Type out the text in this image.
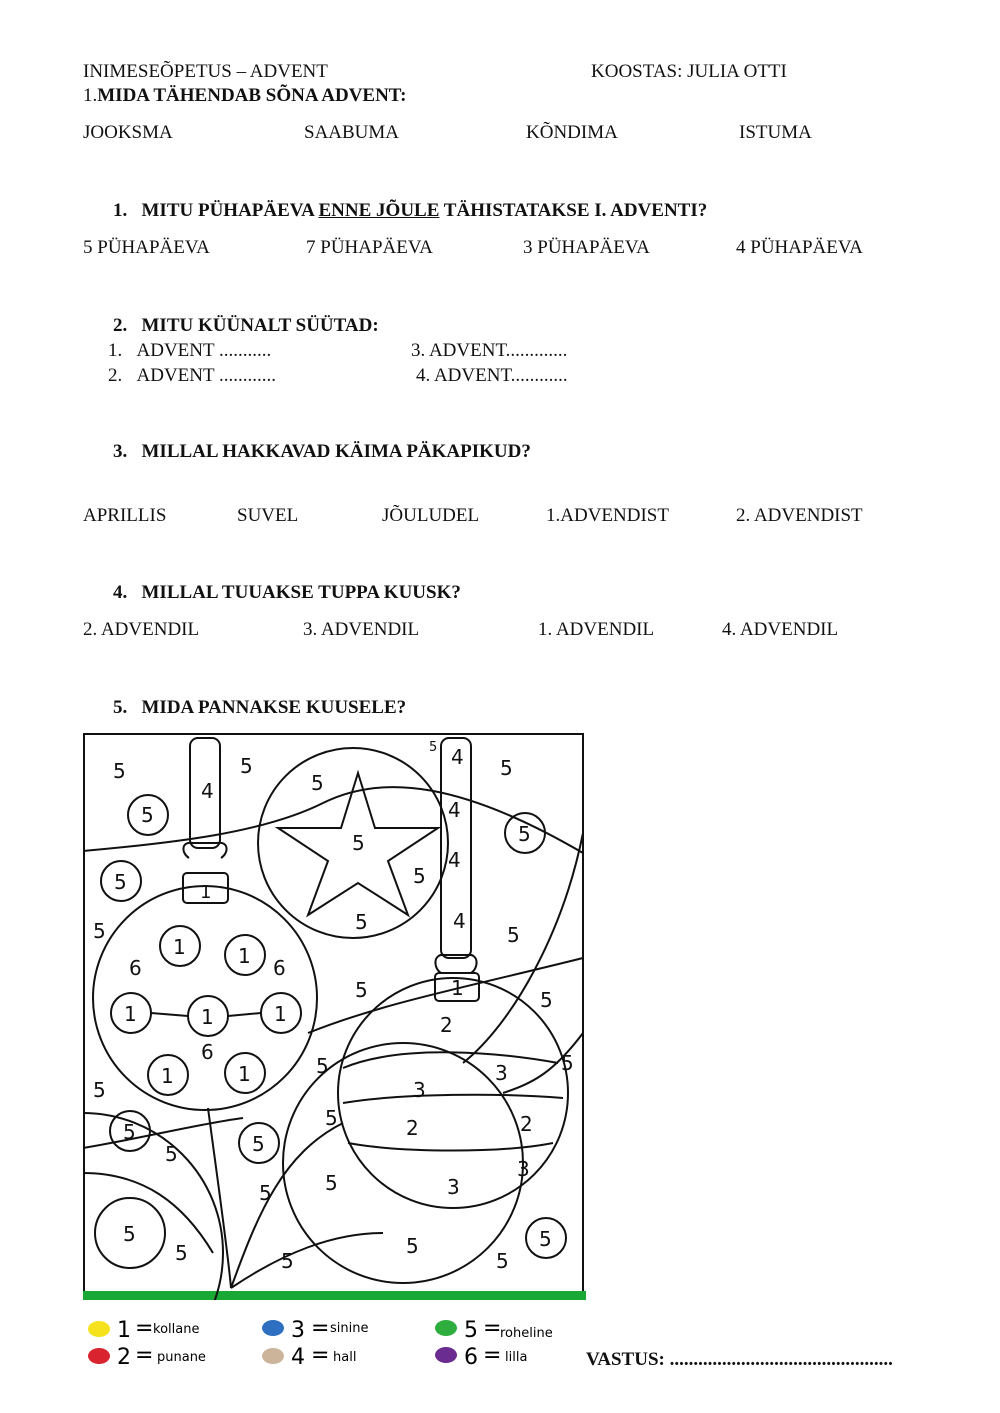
INIMESEÕPETUS – ADVENT	KOOSTAS: JULIA OTTI
1.MIDA TÄHENDAB SÕNA ADVENT:
JOOKSMA	SAABUMA	KÕNDIMA	ISTUMA
1. MITU PÜHAPÄEVA ENNE JÕULE TÄHISTATAKSE I. ADVENTI?
5 PÜHAPÄEVA	7 PÜHAPÄEVA	3 PÜHAPÄEVA	4 PÜHAPÄEVA
2. MITU KÜÜNALT SÜÜTAD:
1. ADVENT ...........
2. ADVENT ............
3. ADVENT.............
4. ADVENT............
3. MILLAL HAKKAVAD KÄIMA PÄKAPIKUD?
APRILLIS	SUVEL	JÕULUDEL	1.ADVENDIST	2. ADVENDIST
4. MILLAL TUUAKSE TUPPA KUUSK?
2. ADVENDIL	3. ADVENDIL	1. ADVENDIL	4. ADVENDIL
5. MIDA PANNAKSE KUUSELE?
5
5
4
5
5
5
5
5
1
5
5
6
1	1 6
1	1	1
6
1	1
5
5
5	5
5
5
5	5
5
5
5
5
5 4 5
4
5
4
4
5
1	5
2
5
3
3
2	2
3
3
5
5
5
1 = kollane
2 = punane
3 = sinine
4 = hall
5 =
roheline
6 = lilla	VASTUS: ...............................................
